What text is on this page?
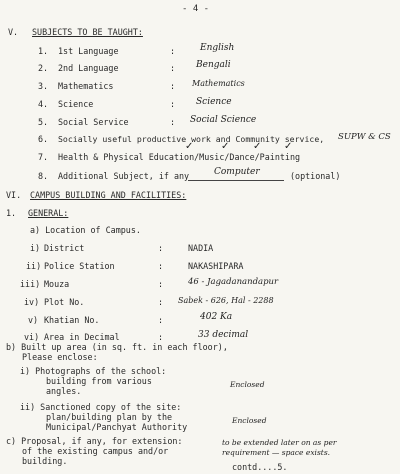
- 4 -
V. SUBJECTS TO BE TAUGHT:
1. 1st Language	:	English
2. 2nd Language	: Bengali
3. Mathematics	: Mathematics
4. Science	: Science
5. Social Service	: Social Science
6. Socially useful productive work and Community service, SUPW & CS
7. Health & Physical Education/Music/Dance/Painting
✓	✓ ✓ ✓
8. Additional Subject, if any	Computer	(optional)
VI. CAMPUS BUILDING AND FACILITIES:
1. GENERAL:
a) Location of Campus.
i) District	:	NADIA
ii) Police Station	:	NAKASHIPARA
iii) Mouza	:	46 - Jagadanandapur
iv) Plot No.	: Sabek - 626, Hal - 2288
v) Khatian No.	:	402 Ka
vi) Area in Decimal	:	33 decimal
b) Built up area (in sq. ft. in each floor),
Please enclose:
i) Photographs of the school:
building from various
angles.
Enclosed
ii) Sanctioned copy of the site:
plan/building plan by the
Municipal/Panchyat Authority
Enclosed
c) Proposal, if any, for extension:
of the existing campus and/or
building.
to be extended later on as per
requirement — space exists.
contd....5.
